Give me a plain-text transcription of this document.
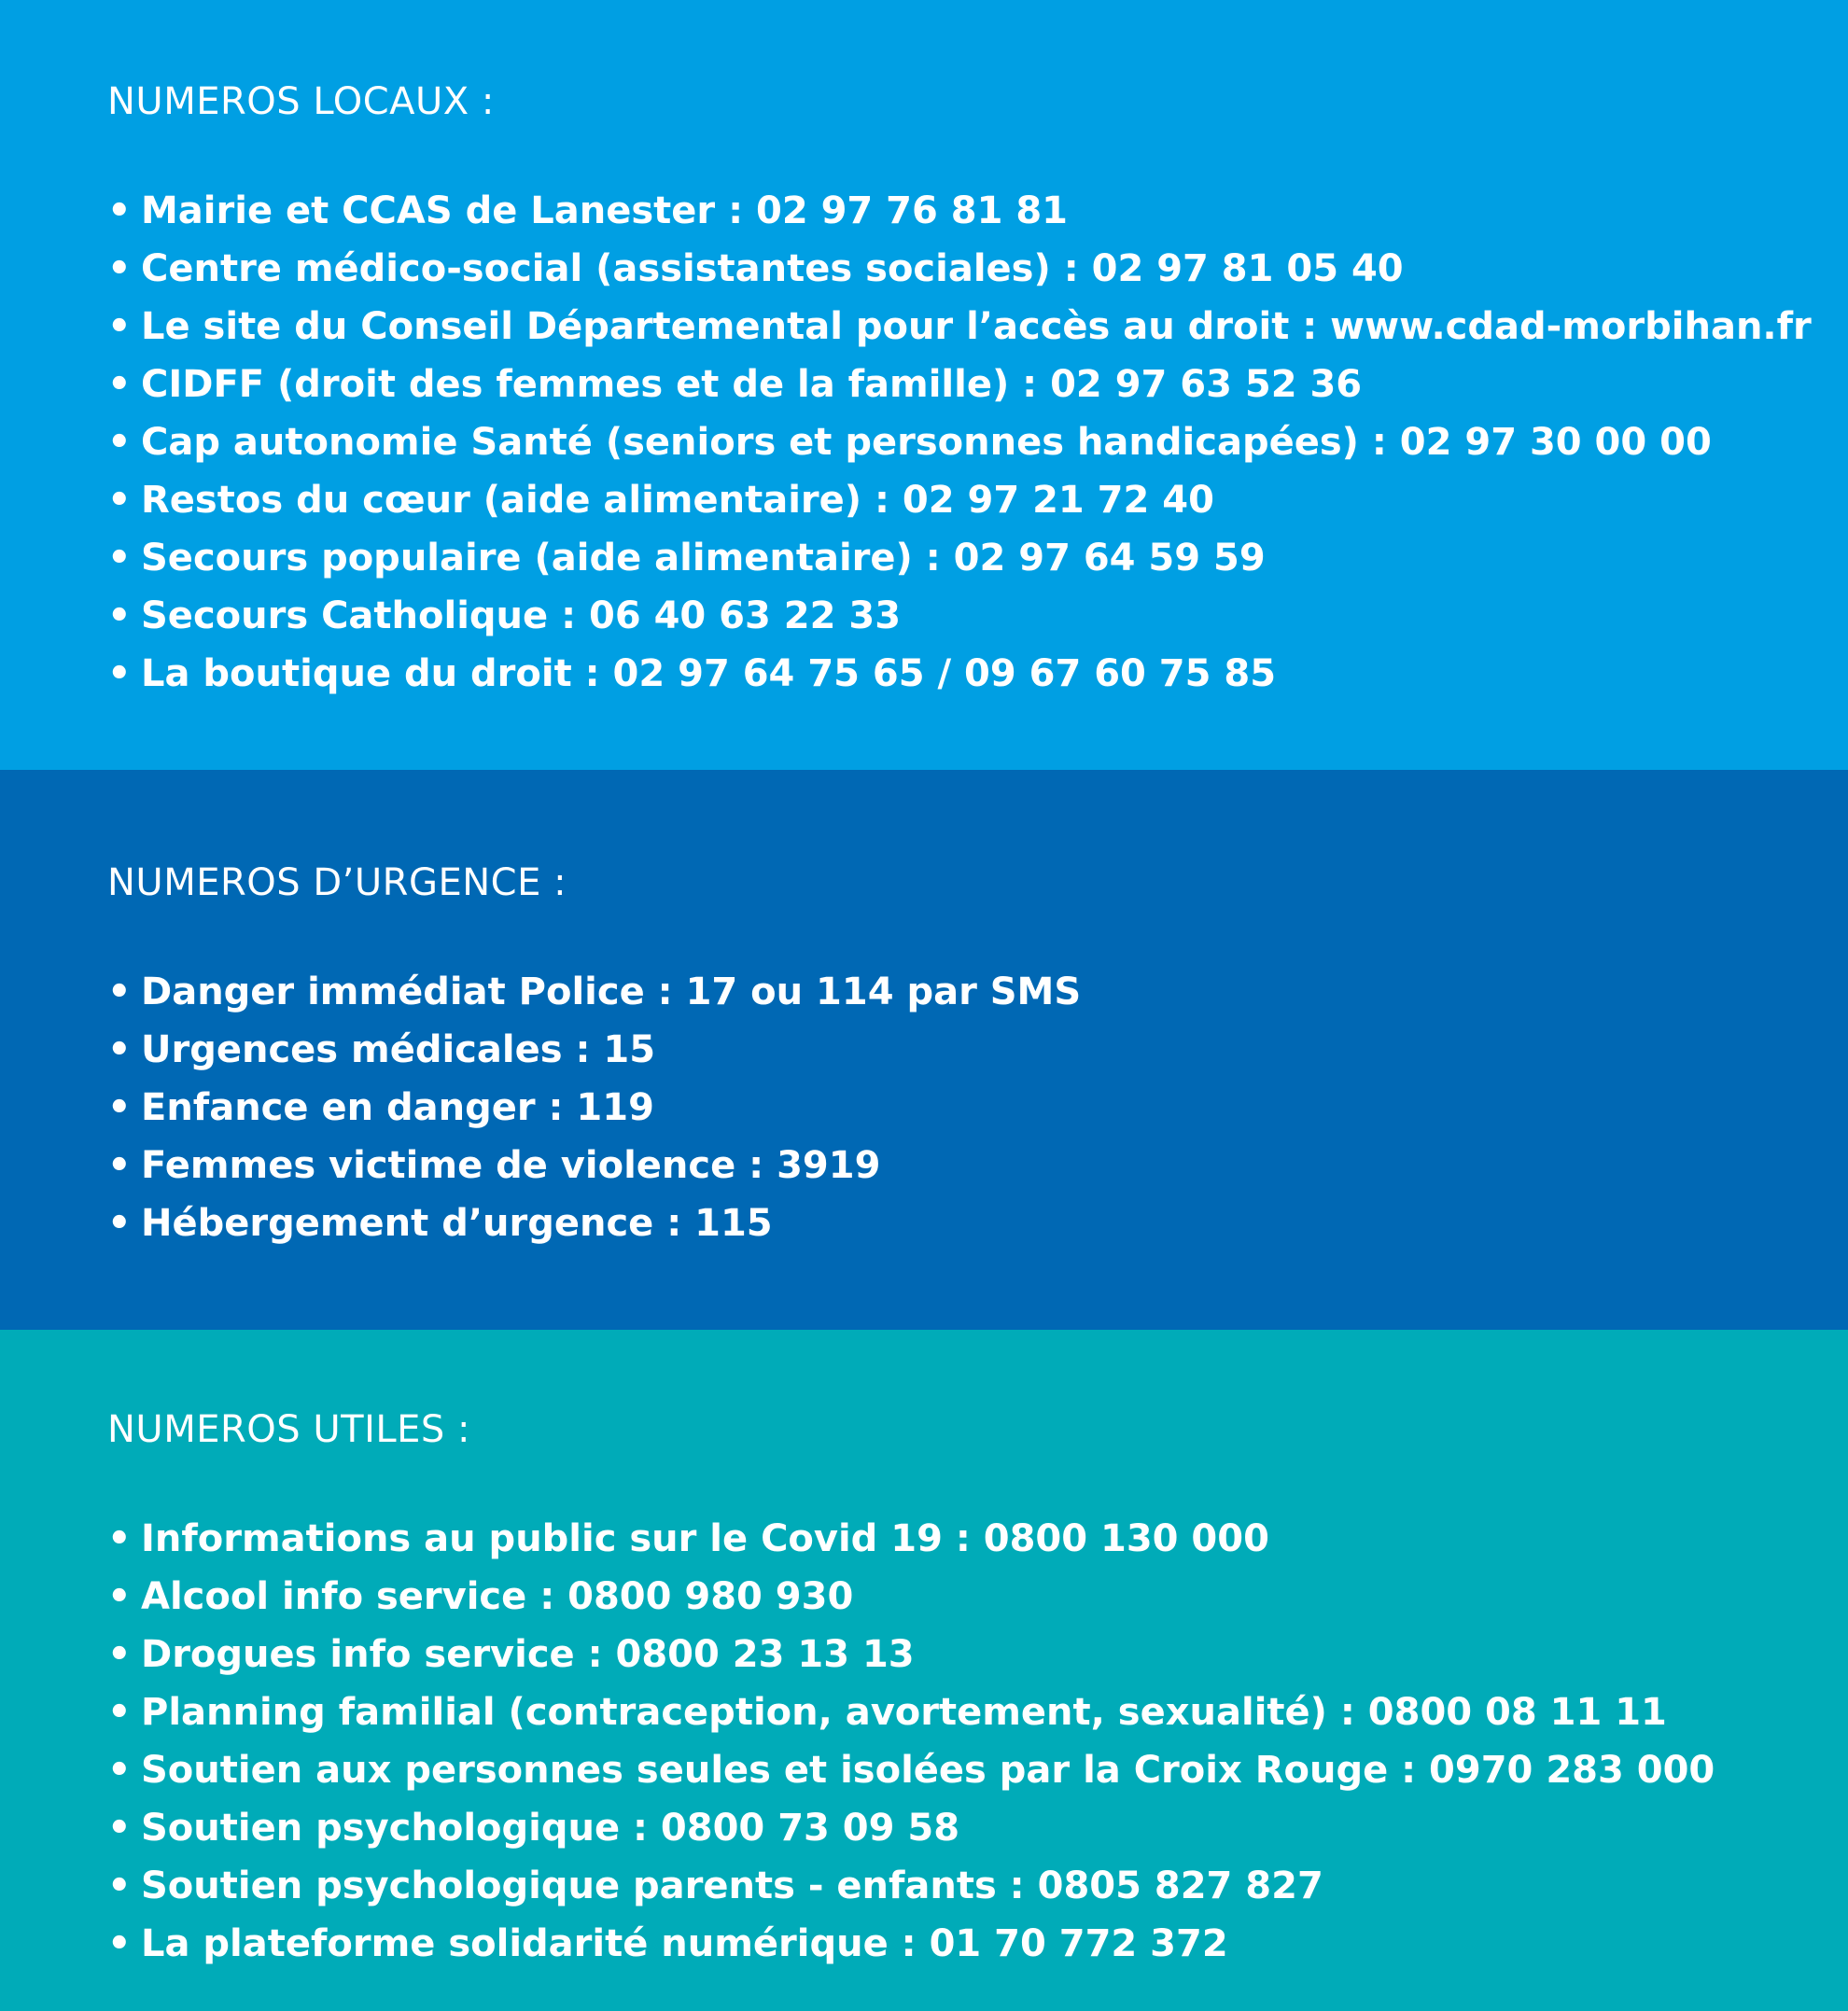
NUMEROS LOCAUX :
• Mairie et CCAS de Lanester : 02 97 76 81 81
• Centre médico-social (assistantes sociales) : 02 97 81 05 40
• Le site du Conseil Départemental pour l’accès au droit : www.cdad-morbihan.fr
• CIDFF (droit des femmes et de la famille) : 02 97 63 52 36
• Cap autonomie Santé (seniors et personnes handicapées) : 02 97 30 00 00
• Restos du cœur (aide alimentaire) : 02 97 21 72 40
• Secours populaire (aide alimentaire) : 02 97 64 59 59
• Secours Catholique : 06 40 63 22 33
• La boutique du droit : 02 97 64 75 65 / 09 67 60 75 85
NUMEROS D’URGENCE :
• Danger immédiat Police : 17 ou 114 par SMS
• Urgences médicales : 15
• Enfance en danger : 119
• Femmes victime de violence : 3919
• Hébergement d’urgence : 115
NUMEROS UTILES :
• Informations au public sur le Covid 19 : 0800 130 000
• Alcool info service : 0800 980 930
• Drogues info service : 0800 23 13 13
• Planning familial (contraception, avortement, sexualité) : 0800 08 11 11
• Soutien aux personnes seules et isolées par la Croix Rouge : 0970 283 000
• Soutien psychologique : 0800 73 09 58
• Soutien psychologique parents - enfants : 0805 827 827
• La plateforme solidarité numérique : 01 70 772 372
